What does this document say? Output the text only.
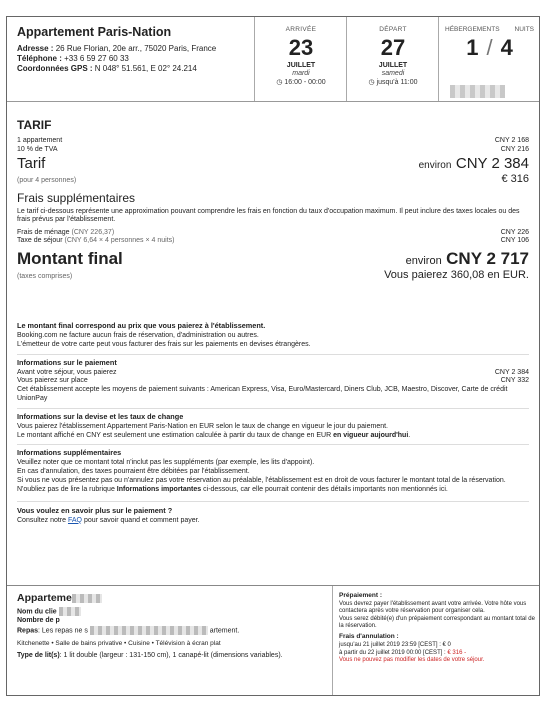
Appartement Paris-Nation
Adresse : 26 Rue Florian, 20e arr., 75020 Paris, France
Téléphone : +33 6 59 27 60 33
Coordonnées GPS : N 048° 51.561, E 02° 24.214
ARRIVÉE
23
JUILLET
mardi
◷ 16:00 - 00:00
DÉPART
27
JUILLET
samedi
◷ jusqu'à 11:00
HÉBERGEMENTS NUITS
1 / 4
TARIF
1 appartement	CNY 2 168
10 % de TVA	CNY 216
Tarif	environ CNY 2 384
(pour 4 personnes)	€ 316
Frais supplémentaires
Le tarif ci-dessous représente une approximation pouvant comprendre les frais en fonction du taux d'occupation maximum. Il peut inclure des taxes locales ou des frais prévus par l'établissement.
Frais de ménage (CNY 226,37)	CNY 226
Taxe de séjour (CNY 6,64 × 4 personnes × 4 nuits)	CNY 106
Montant final	environ CNY 2 717
(taxes comprises)	Vous paierez 360,08 en EUR.
Le montant final correspond au prix que vous paierez à l'établissement.
Booking.com ne facture aucun frais de réservation, d'administration ou autres.
L'émetteur de votre carte peut vous facturer des frais sur les paiements en devises étrangères.
Informations sur le paiement
Avant votre séjour, vous paierez	CNY 2 384
Vous paierez sur place	CNY 332
Cet établissement accepte les moyens de paiement suivants : American Express, Visa, Euro/Mastercard, Diners Club, JCB, Maestro, Discover, Carte de crédit UnionPay
Informations sur la devise et les taux de change
Vous paierez l'établissement Appartement Paris-Nation en EUR selon le taux de change en vigueur le jour du paiement.
Le montant affiché en CNY est seulement une estimation calculée à partir du taux de change en EUR en vigueur aujourd'hui.
Informations supplémentaires
Veuillez noter que ce montant total n'inclut pas les suppléments (par exemple, les lits d'appoint).
En cas d'annulation, des taxes pourraient être débitées par l'établissement.
Si vous ne vous présentez pas ou n'annulez pas votre réservation au préalable, l'établissement est en droit de vous facturer le montant total de la réservation.
N'oubliez pas de lire la rubrique Informations importantes ci-dessous, car elle pourrait contenir des détails importants non mentionnés ici.
Vous voulez en savoir plus sur le paiement ?
Consultez notre FAQ pour savoir quand et comment payer.
Apparteme
Nom du clie
Nombre de p
Repas: Les repas ne s	artement.
Kitchenette • Salle de bains privative • Cuisine • Télévision à écran plat
Type de lit(s): 1 lit double (largeur : 131-150 cm), 1 canapé-lit (dimensions variables).
Prépaiement :
Vous devrez payer l'établissement avant votre arrivée. Votre hôte vous contactera après votre réservation pour organiser cela.
Vous serez débité(e) d'un prépaiement correspondant au montant total de la réservation.
Frais d'annulation :
jusqu'au 21 juillet 2019 23:59 [CEST] : € 0
à partir du 22 juillet 2019 00:00 [CEST] : € 316 -
Vous ne pouvez pas modifier les dates de votre séjour.
